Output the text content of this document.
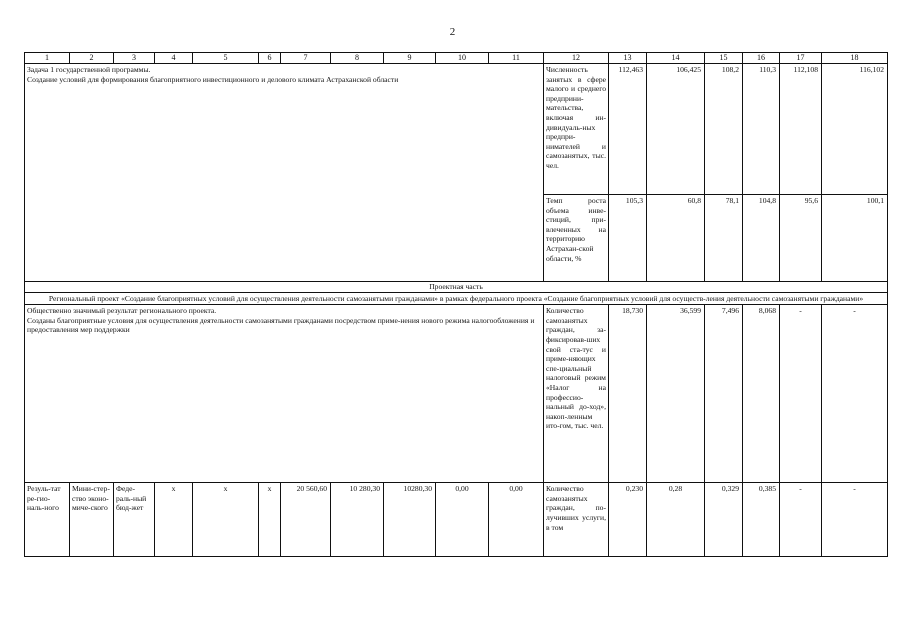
2
1	2	3	4	5	6	7	8	9	10	11	12	13	14	15	16	17	18

Задача 1 государственной программы.
Создание условий для формирования благоприятного инвестиционного и делового климата Астраханской области											Численность занятых в сфере малого и среднего предприни-мательства, включая ин-дивидуаль-ных предпри-нимателей и самозанятых, тыс. чел.	112,463	106,425	108,2	110,3	112,108	116,102
											Темп роста объема инве-стиций, при-влеченных на территорию Астрахан-ской области, %	105,3	60,8	78,1	104,8	95,6	100,1
Проектная часть																	
Региональный проект «Создание благоприятных условий для осуществления деятельности самозанятыми гражданами» в рамках федерального проекта «Создание благоприятных условий для осуществ-ления деятельности самозанятыми гражданами»																	

Общественно значимый результат регионального проекта.
Созданы благоприятные условия для осуществления деятельности самозанятыми гражданами посредством приме-нения нового режима налогообложения и предоставления мер поддержки											Количество самозанятых граждан, за-фиксировав-ших свой ста-тус и приме-няющих спе-циальный налоговый режим «Налог на профессио-нальный до-ход», накоп-ленным ито-гом, тыс. чел.	18,730	36,599	7,496	8,068	-	-
Резуль-тат ре-гио-наль-ного	Мини-стер-ство эконо-миче-ского	Феде-раль-ный бюд-жет	х	х	х	20 560,60	10 280,30	10280,30	0,00	0,00	Количество самозанятых граждан, по-лучивших услуги, в том	0,230	0,28	0,329	0,385	-	-
